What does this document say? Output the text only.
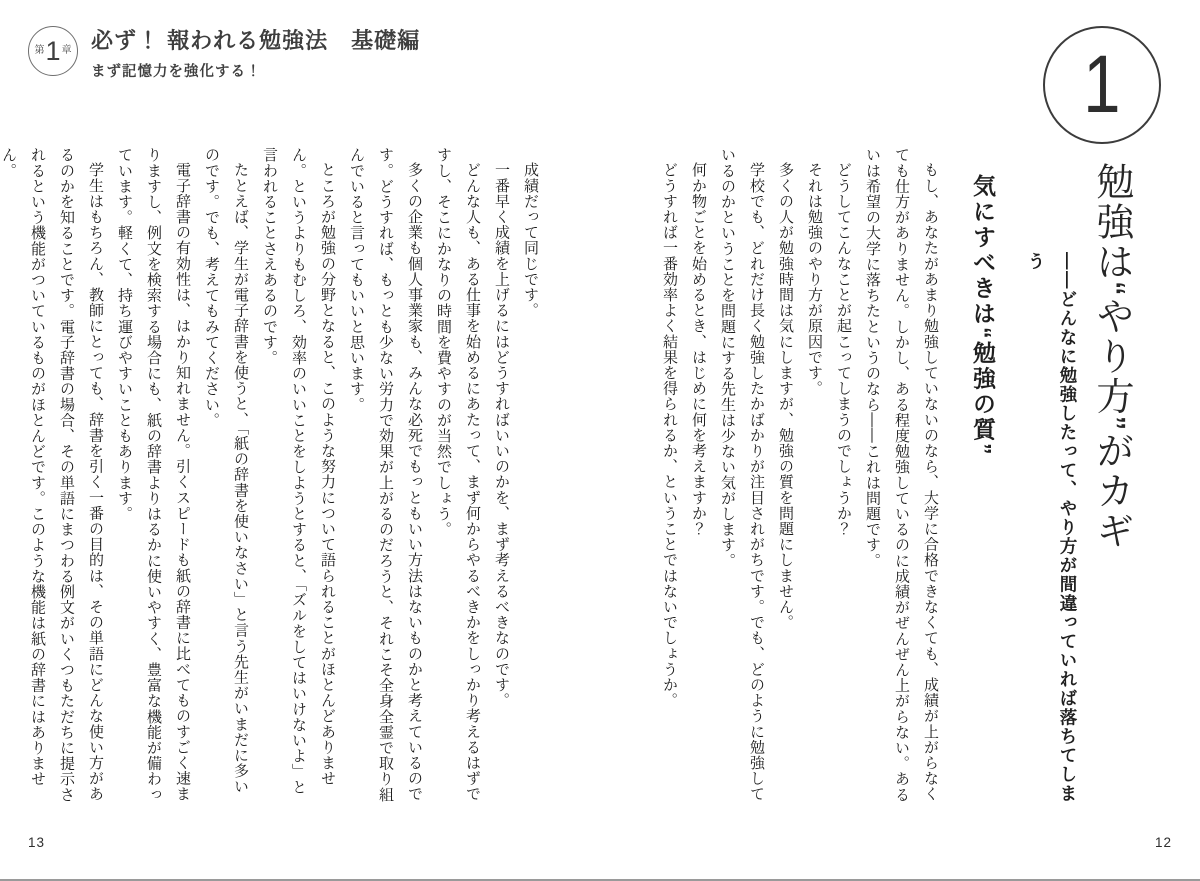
第 1 章 必ず！ 報われる勉強法　基礎編
まず記憶力を強化する！	1
勉強は“やり方”がカギ
――どんなに勉強したって、やり方が間違っていれば落ちてしまう
気にすべきは“勉強の質”

もし、あなたがあまり勉強していないのなら、大学に合格できなくても、成績が上がらなくても仕方がありません。しかし、ある程度勉強しているのに成績がぜんぜん上がらない。あるいは希望の大学に落ちたというのなら――これは問題です。

どうしてこんなことが起こってしまうのでしょうか？

それは勉強のやり方が原因です。

多くの人が勉強時間は気にしますが、勉強の質を問題にしません。

学校でも、どれだけ長く勉強したかばかりが注目されがちです。でも、どのように勉強しているのかということを問題にする先生は少ない気がします。

何か物ごとを始めるとき、はじめに何を考えますか？

どうすれば一番効率よく結果を得られるか、ということではないでしょうか。

成績だって同じです。

一番早く成績を上げるにはどうすればいいのかを、まず考えるべきなのです。

どんな人も、ある仕事を始めるにあたって、まず何からやるべきかをしっかり考えるはずですし、そこにかなりの時間を費やすのが当然でしょう。

多くの企業も個人事業家も、みんな必死でもっともいい方法はないものかと考えているのです。どうすれば、もっとも少ない労力で効果が上がるのだろうと、それこそ全身全霊で取り組んでいると言ってもいいと思います。

ところが勉強の分野となると、このような努力について語られることがほとんどありません。というよりもむしろ、効率のいいことをしようとすると、「ズルをしてはいけないよ」と言われることさえあるのです。

たとえば、学生が電子辞書を使うと、「紙の辞書を使いなさい」と言う先生がいまだに多いのです。でも、考えてもみてください。

電子辞書の有効性は、はかり知れません。引くスピードも紙の辞書に比べてものすごく速まりますし、例文を検索する場合にも、紙の辞書よりはるかに使いやすく、豊富な機能が備わっています。軽くて、持ち運びやすいこともあります。

学生はもちろん、教師にとっても、辞書を引く一番の目的は、その単語にどんな使い方があるのかを知ることです。電子辞書の場合、その単語にまつわる例文がいくつもただちに提示されるという機能がついているものがほとんどです。このような機能は紙の辞書にはありません。

13	12
